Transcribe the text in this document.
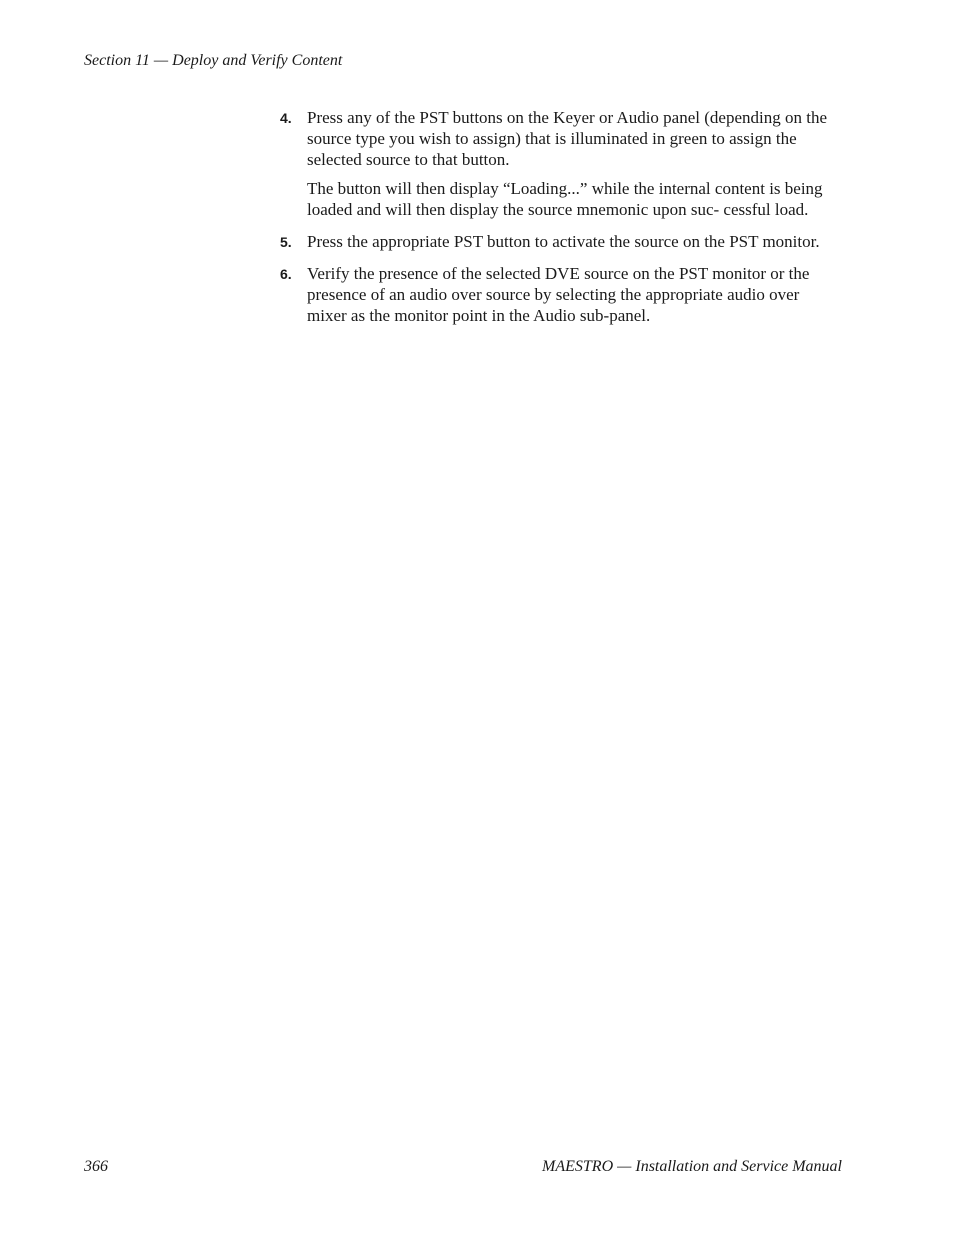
Section 11 — Deploy and Verify Content
4. Press any of the PST buttons on the Keyer or Audio panel (depending on the source type you wish to assign) that is illuminated in green to assign the selected source to that button.

The button will then display “Loading...” while the internal content is being loaded and will then display the source mnemonic upon suc- cessful load.

5. Press the appropriate PST button to activate the source on the PST monitor.

6. Verify the presence of the selected DVE source on the PST monitor or the presence of an audio over source by selecting the appropriate audio over mixer as the monitor point in the Audio sub-panel.

366	MAESTRO — Installation and Service Manual
